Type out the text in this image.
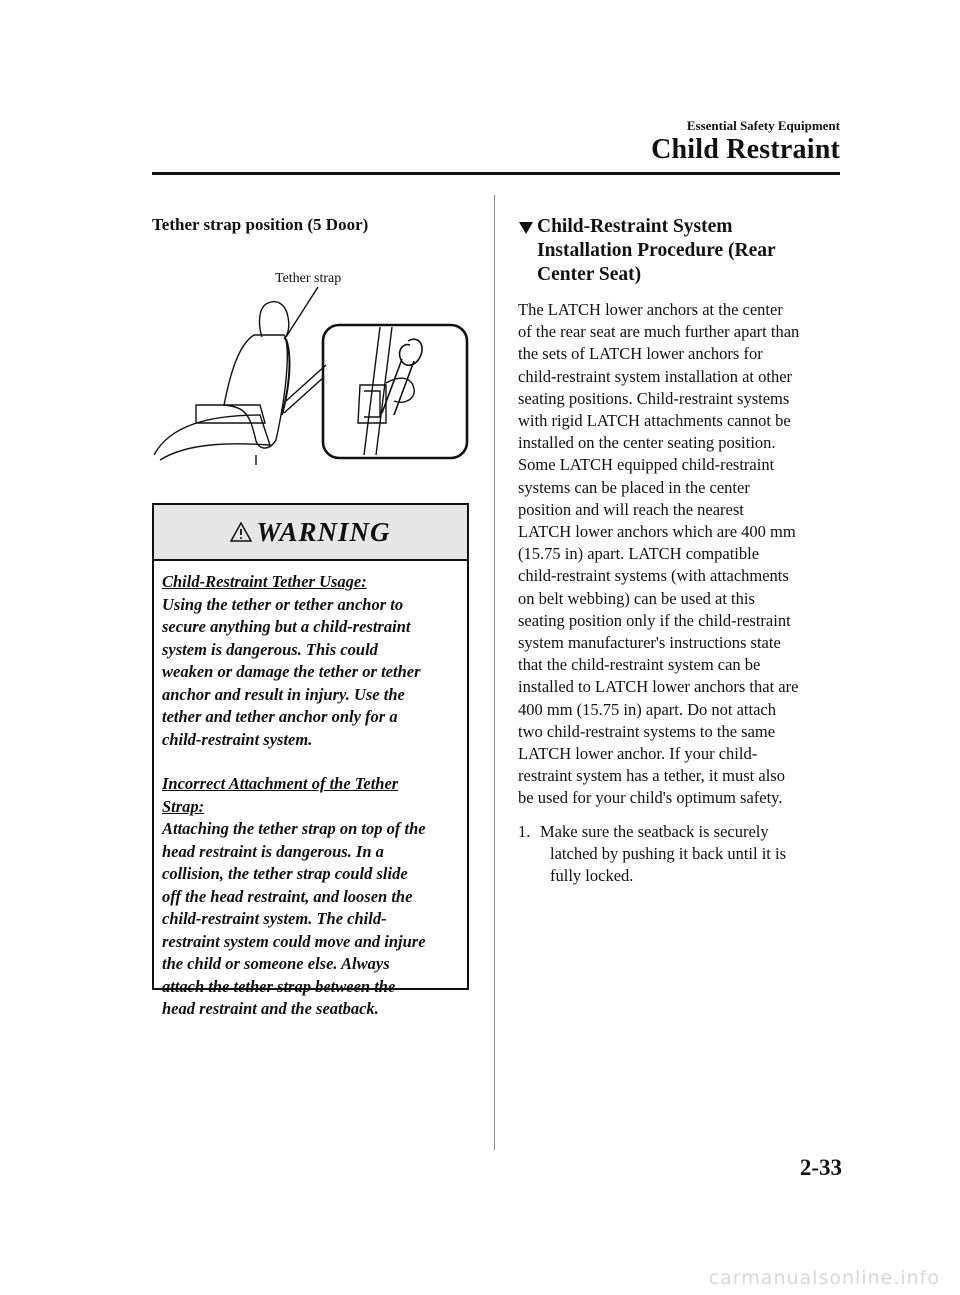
Essential Safety Equipment
Child Restraint
Tether strap position (5 Door)
Tether strap
WARNING

Child-Restraint Tether Usage:

Using the tether or tether anchor to

secure anything but a child-restraint

system is dangerous. This could

weaken or damage the tether or tether

anchor and result in injury. Use the

tether and tether anchor only for a

child-restraint system.

Incorrect Attachment of the Tether

Strap:

Attaching the tether strap on top of the

head restraint is dangerous. In a

collision, the tether strap could slide

off the head restraint, and loosen the

child-restraint system. The child-

restraint system could move and injure

the child or someone else. Always

attach the tether strap between the

head restraint and the seatback.

Child-Restraint System
Installation Procedure (Rear
Center Seat)
The LATCH lower anchors at the center
of the rear seat are much further apart than
the sets of LATCH lower anchors for
child-restraint system installation at other
seating positions. Child-restraint systems
with rigid LATCH attachments cannot be
installed on the center seating position.
Some LATCH equipped child-restraint
systems can be placed in the center
position and will reach the nearest
LATCH lower anchors which are 400 mm
(15.75 in) apart. LATCH compatible
child-restraint systems (with attachments
on belt webbing) can be used at this
seating position only if the child-restraint
system manufacturer's instructions state
that the child-restraint system can be
installed to LATCH lower anchors that are
400 mm (15.75 in) apart. Do not attach
two child-restraint systems to the same
LATCH lower anchor. If your child-
restraint system has a tether, it must also
be used for your child's optimum safety.
1. Make sure the seatback is securely
latched by pushing it back until it is
fully locked.
2-33
carmanualsonline.info
